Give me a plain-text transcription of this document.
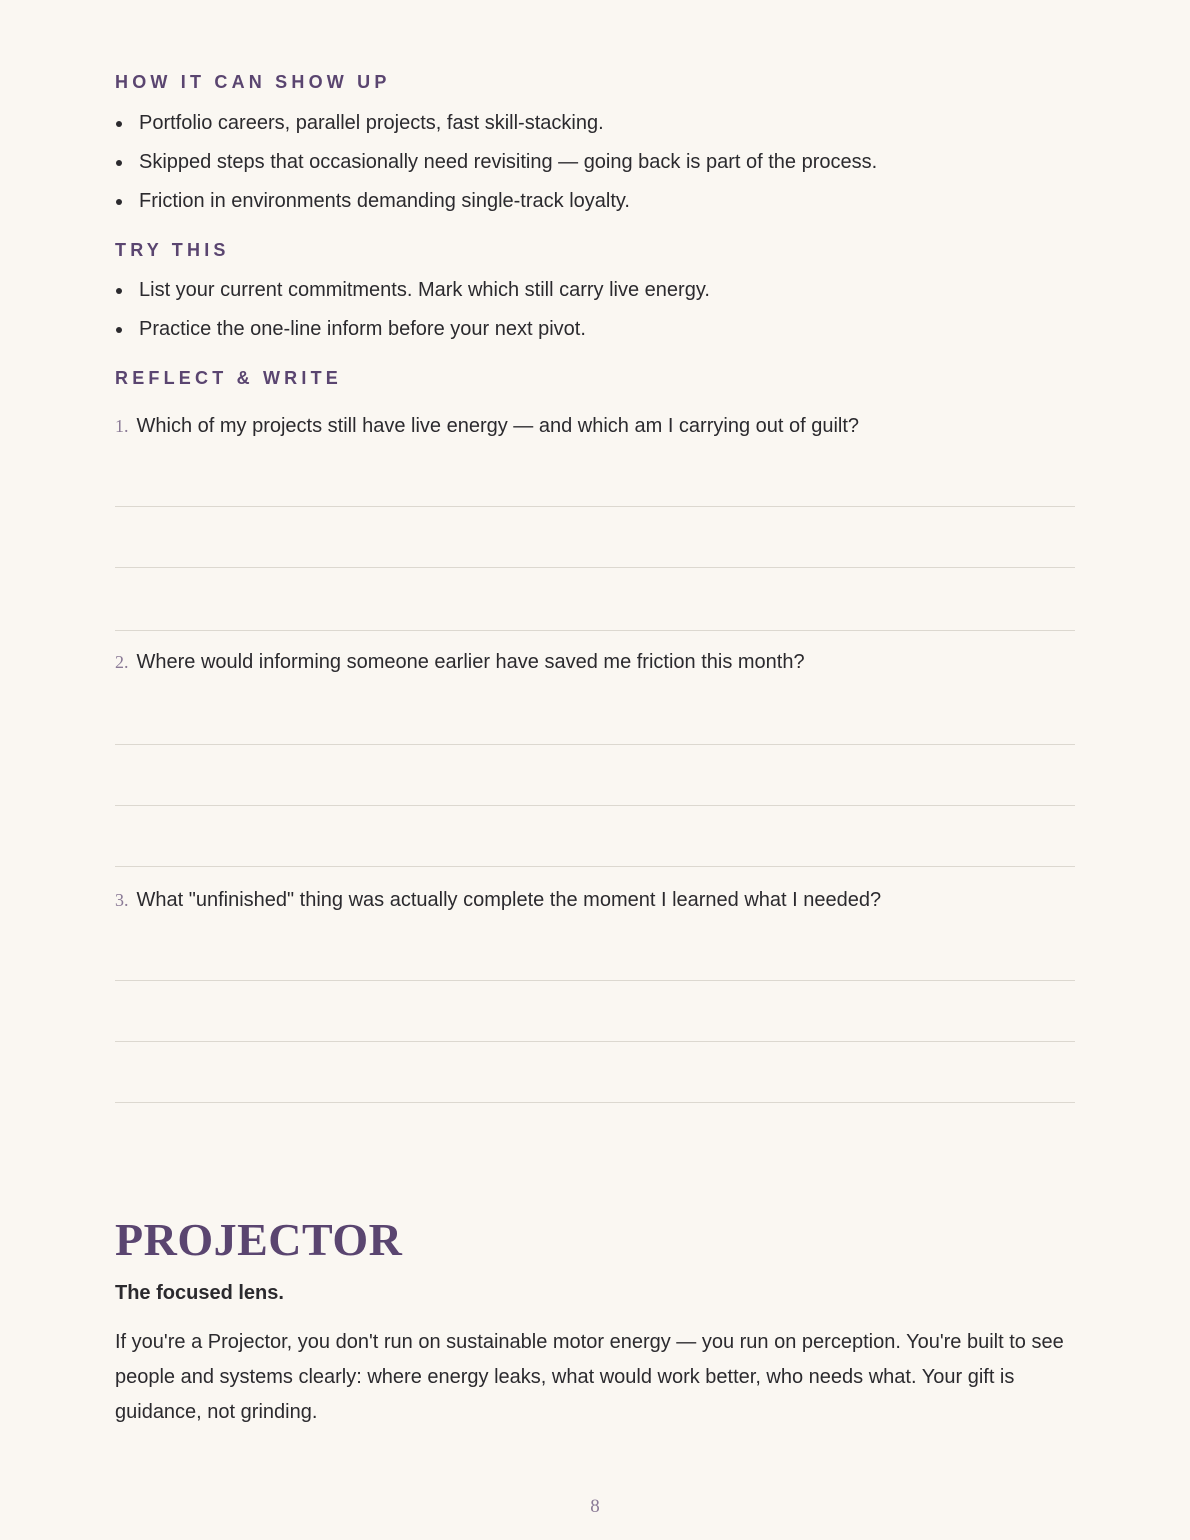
HOW IT CAN SHOW UP
Portfolio careers, parallel projects, fast skill-stacking.
Skipped steps that occasionally need revisiting — going back is part of the process.
Friction in environments demanding single-track loyalty.
TRY THIS
List your current commitments. Mark which still carry live energy.
Practice the one-line inform before your next pivot.
REFLECT & WRITE
1. Which of my projects still have live energy — and which am I carrying out of guilt?
2. Where would informing someone earlier have saved me friction this month?
3. What "unfinished" thing was actually complete the moment I learned what I needed?
PROJECTOR

The focused lens.

If you're a Projector, you don't run on sustainable motor energy — you run on perception. You're built to see people and systems clearly: where energy leaks, what would work better, who needs what. Your gift is guidance, not grinding.

8
